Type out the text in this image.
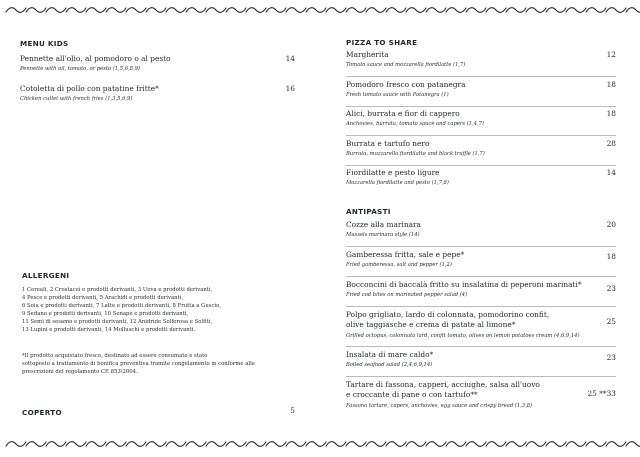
MENU KIDS
Pennette all'olio, al pomodoro o al pesto
Pennette with oil, tomato, or pesto (1,5,6,8,9)
14
Cotoletta di pollo con patatine fritte*
Chicken cutlet with french fries (1,3,5,6,9)
16
ALLERGENI
1 Cereali, 2 Crostacei e prodotti derivanti, 3 Uova e prodotti derivanti,
4 Pesce e prodotti derivanti, 5 Arachidi e prodotti derivanti,
6 Soia e prodotti derivanti, 7 Latte e prodotti derivanti, 8 Frutta a Guscio,
9 Sedano e prodotti derivanti, 10 Senape e prodotti derivanti,
11 Semi di sesamo e prodotti derivanti, 12 Anidride Solforosa e Solfiti,
13 Lupini e prodotti derivanti, 14 Molluschi e prodotti derivanti.
*Il prodotto acquistato fresco, destinato ad essere consumato e stato
sottoposto a trattamento di bonifica preventiva tramite congelamento in conforme alle
prescrizioni del regolamento CE 853\2004.
COPERTO	5
PIZZA TO SHARE
Margherita
Tomato sauce and mozzarella fiordilatte (1,7)
12
Pomodoro fresco con patanegra
Fresh tomato sauce with Patanegra (1)
18
Alici, burrata e fior di cappero
Anchovies, burrata, tomato sauce and capers (1,4,7)
18
Burrata e tartufo nero
Burrata, mozzarella fiordilatte and black truffle (1,7)
28
Fiordilatte e pesto ligure
Mozzarella fiordilatte and pesto (1,7,8)
14
ANTIPASTI
Cozze alla marinara
Mussels marinara style (14)
20
Gamberessa fritta, sale e pepe*
Fried gamberessa, salt and pepper (1,2)
18
Bocconcini di baccalà fritto su insalatina di peperoni marinati*
Fried cod bites on marinated pepper salad (4)
23
Polpo grigliato, lardo di colonnata, pomodorino confit,
olive taggiasche e crema di patate al limone*
Grilled octopus, colonnata lard, confit tomato, olives on lemon potatoes cream (4,6,9,14)
25
Insalata di mare caldo*
Boiled seafood salad (2,4,6,9,14)
23
Tartare di fassona, capperi, acciughe, salsa all'uovo
e croccante di pane o con tartufo**
Fassona tartare, capers, anchovies, egg sauce and crispy bread (1,3,8)
25 **33
